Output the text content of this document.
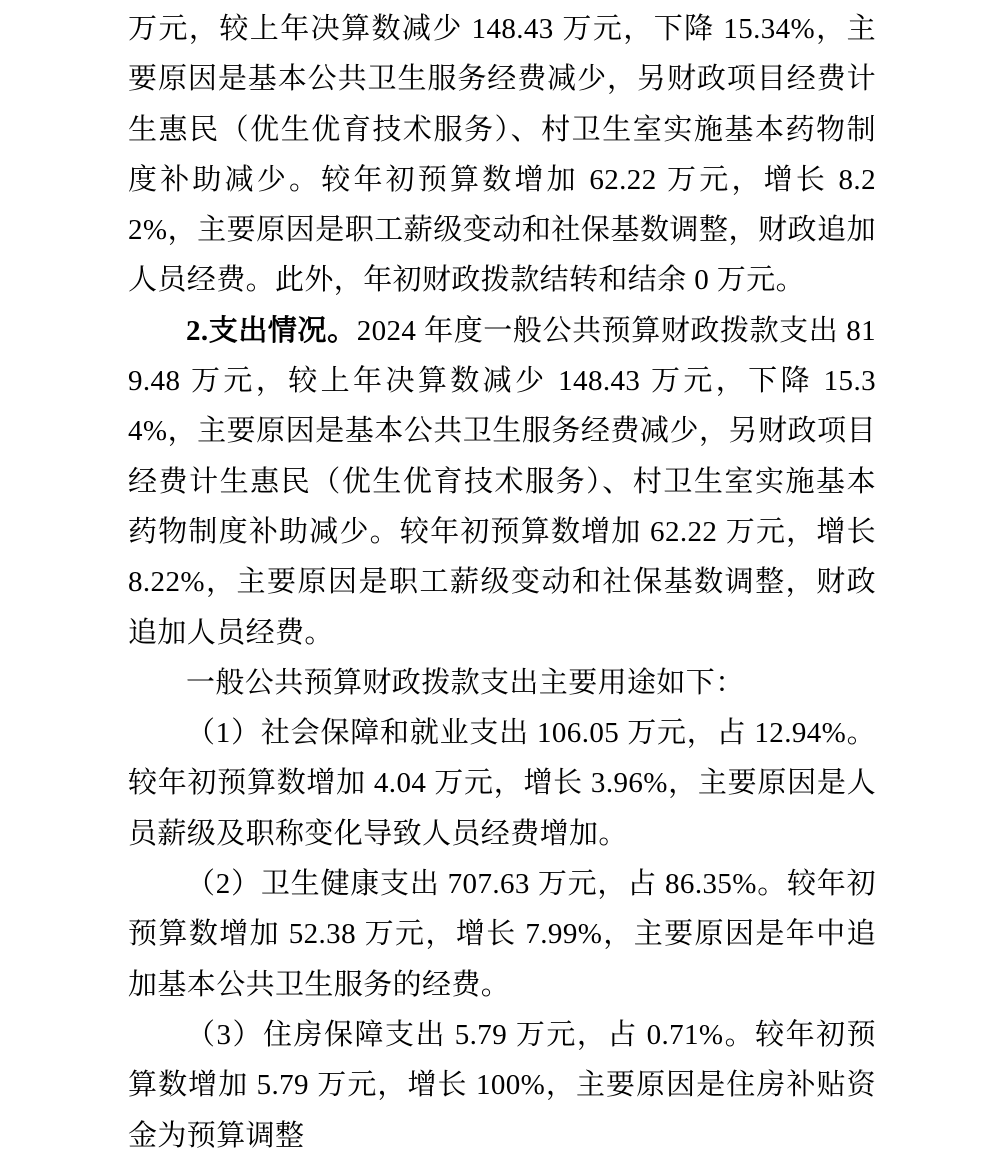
万元，较上年决算数减少 148.43 万元，下降 15.34%，主要原因是基本公共卫生服务经费减少，另财政项目经费计生惠民（优生优育技术服务）、村卫生室实施基本药物制度补助减少。较年初预算数增加 62.22 万元，增长 8.22%，主要原因是职工薪级变动和社保基数调整，财政追加人员经费。此外，年初财政拨款结转和结余 0 万元。

2.支出情况。2024 年度一般公共预算财政拨款支出 819.48 万元，较上年决算数减少 148.43 万元，下降 15.34%，主要原因是基本公共卫生服务经费减少，另财政项目经费计生惠民（优生优育技术服务）、村卫生室实施基本药物制度补助减少。较年初预算数增加 62.22 万元，增长 8.22%，主要原因是职工薪级变动和社保基数调整，财政追加人员经费。

一般公共预算财政拨款支出主要用途如下：

（1）社会保障和就业支出 106.05 万元，占 12.94%。较年初预算数增加 4.04 万元，增长 3.96%，主要原因是人员薪级及职称变化导致人员经费增加。

（2）卫生健康支出 707.63 万元，占 86.35%。较年初预算数增加 52.38 万元，增长 7.99%，主要原因是年中追加基本公共卫生服务的经费。

（3）住房保障支出 5.79 万元，占 0.71%。较年初预算数增加 5.79 万元，增长 100%，主要原因是住房补贴资金为预算调整
